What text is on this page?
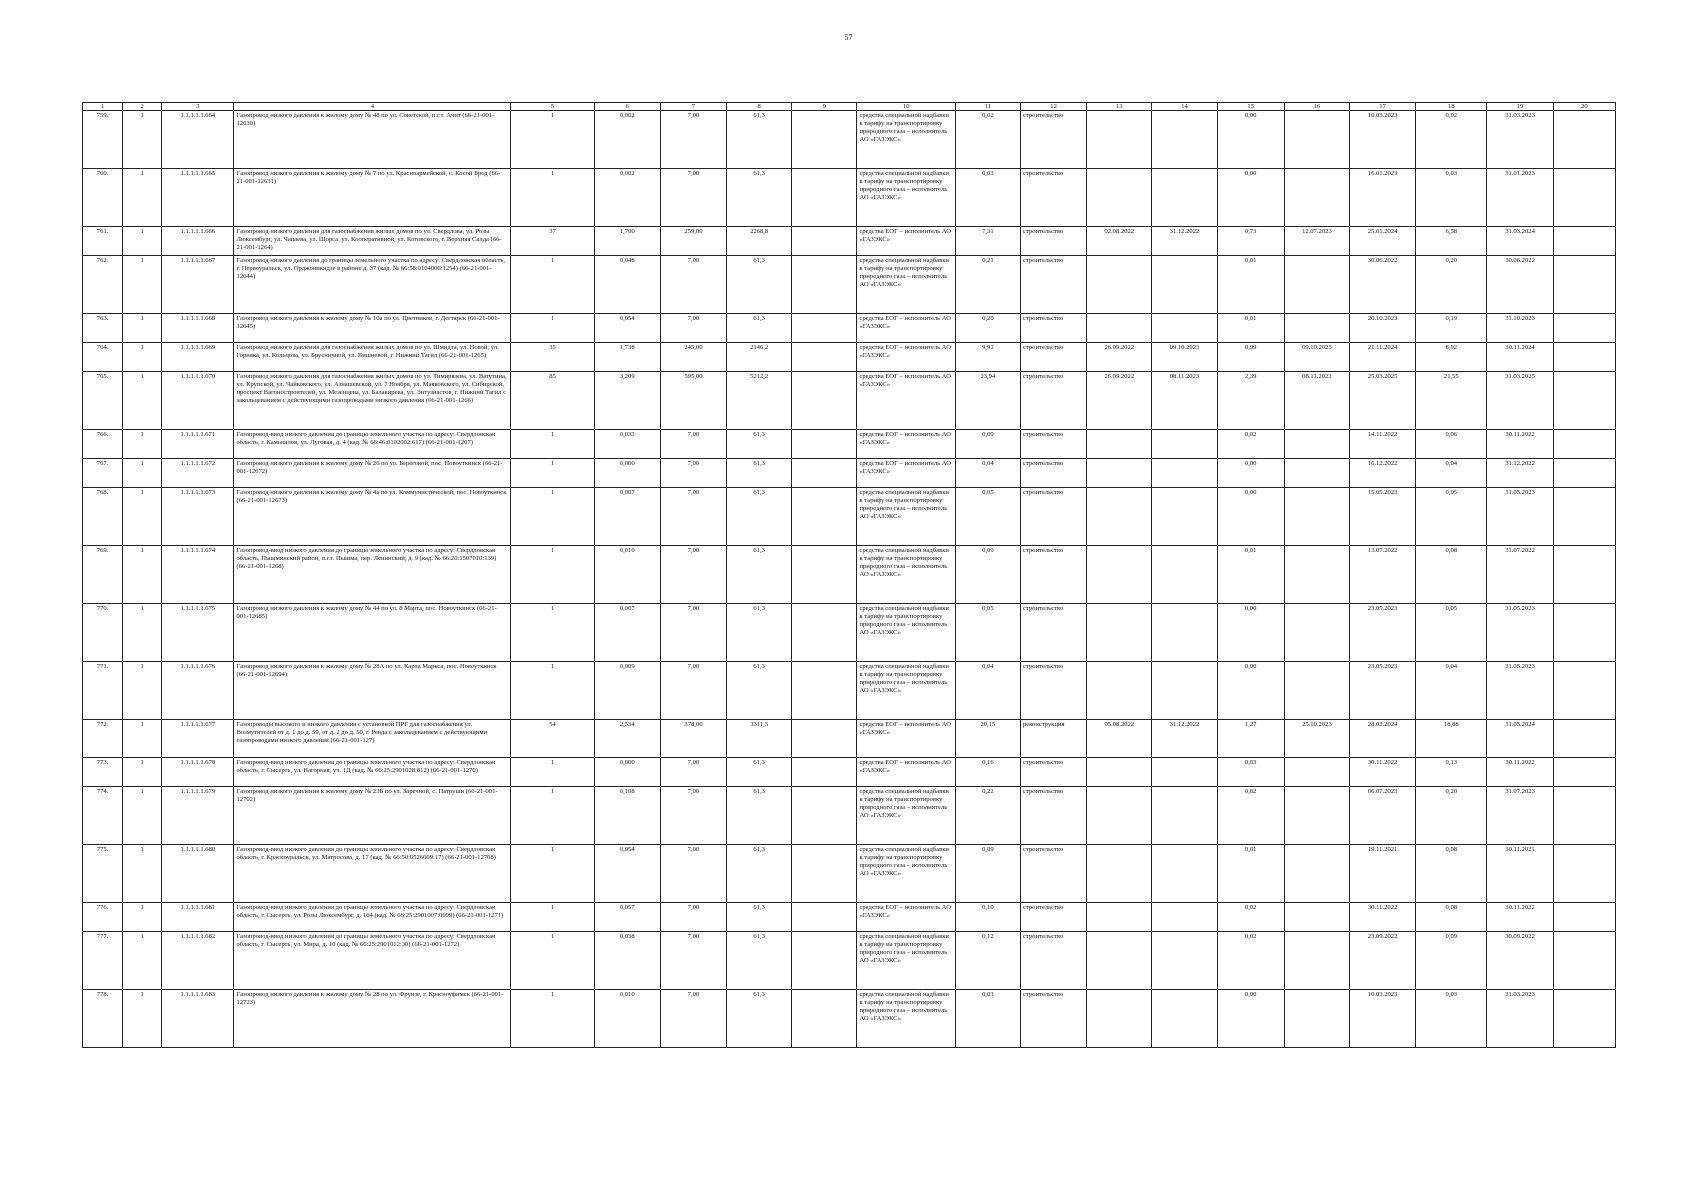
57
1	2	3	4	5	6	7	8	9	10	11	12	13	14	15	16	17	18	19	20
759.	1	1.1.1.1.1.664	Газопровод низкого давления к жилому дому № 48 по ул. Советской, п.г.т. Ачит (66-21-001-12630)	1	0,002	7,00	61,3		средства специальной надбавки к тарифу на транспортировку природного газа – исполнитель АО «ГАЗЭКС»	0,02	строительство			0,00		10.03.2023	0,02	31.03.2023	
760.	1	1.1.1.1.1.665	Газопровод низкого давления к жилому дому № 7 по ул. Красноармейской, с. Косой Брод (66-21-001-12631)	1	0,002	7,00	61,3		средства специальной надбавки к тарифу на транспортировку природного газа – исполнитель АО «ГАЗЭКС»	0,03	строительство			0,00		16.01.2023	0,03	31.01.2023	
761.	1	1.1.1.1.1.666	Газопровод низкого давления для газоснабжения жилых домов по ул. Свердлова, ул. Розы Люксембург, ул. Чапаева, ул. Щорса, ул. Кооперативной, ул. Котовского, г. Верхняя Салда (66-21-001-1264)	37	1,700	259,00	2268,8		средства ЕОГ – исполнитель АО «ГАЗЭКС»	7,31	строительство	02.08.2022	31.12.2022	0,73	12.07.2023	25.01.2024	6,58	31.03.2024	
762.	1	1.1.1.1.1.667	Газопровод низкого давления до границы земельного участка по адресу: Свердловская область, г. Первоуральск, ул. Орджоникидзе в районе д. 37 (кад. № 66:58:0104006:1254) (66-21-001-12644)	1	0,048	7,00	61,3		средства специальной надбавки к тарифу на транспортировку природного газа – исполнитель АО «ГАЗЭКС»	0,21	строительство			0,01		30.06.2022	0,20	30.06.2022	
763.	1	1.1.1.1.1.668	Газопровод низкого давления к жилому дому № 10а по ул. Цветников, г. Дегтярск (66-21-001-12645)	1	0,054	7,00	61,3		средства ЕОГ – исполнитель АО «ГАЗЭКС»	0,20	строительство			0,01		26.10.2023	0,19	31.10.2023	
764.	1	1.1.1.1.1.669	Газопровод низкого давления для газоснабжения жилых домов по ул. Шмидта, ул. Новой, ул. Горняка, ул. Кольцова, ул. Брусничной, ул. Вишневой, г. Нижний Тагил (66-21-001-1265)	35	1,738	245,00	2146,2		средства ЕОГ – исполнитель АО «ГАЗЭКС»	9,91	строительство	26.09.2022	09.10.2023	0,99	09.10.2023	21.11.2024	8,92	30.11.2024	
765.	1	1.1.1.1.1.670	Газопровод низкого давления для газоснабжения жилых домов по ул. Тимирязева, ул. Ватутина, ул. Крупской, ул. Чайковского, ул. Азнашевской, ул. 7 Ноября, ул. Маяковского, ул. Сибирской, проспект Вагоностроителей, ул. Мезенцева, ул. Балакирева, ул. Энтузиастов, г. Нижний Тагил с закольцеванием с действующими газопроводами низкого давления (66-21-001-1266)	85	3,209	595,00	5212,2		средства ЕОГ – исполнитель АО «ГАЗЭКС»	23,94	строительство	26.09.2022	08.11.2023	2,39	08.11.2023	25.03.2025	21,55	31.03.2025	
766.	1	1.1.1.1.1.671	Газопровод-ввод низкого давления до границы земельного участка по адресу: Свердловская область, г. Камышлов, ул. Луговая, д. 4 (кад. № 66:46:0102002:617) (66-21-001-1267)	1	0,033	7,00	61,3		средства ЕОГ – исполнитель АО «ГАЗЭКС»	0,09	строительство			0,02		14.11.2022	0,06	30.11.2022	
767.	1	1.1.1.1.1.672	Газопровод низкого давления к жилому дому № 26 по ул. Береговой, пос. Новоуткинск (66-21-001-12672)	1	0,000	7,00	61,3		средства ЕОГ – исполнитель АО «ГАЗЭКС»	0,04	строительство			0,00		16.12.2022	0,04	31.12.2022	
768.	1	1.1.1.1.1.673	Газопровод низкого давления к жилому дому № 4а по ул. Коммунистической, пос. Новоуткинск (66-21-001-12673)	1	0,007	7,00	61,3		средства специальной надбавки к тарифу на транспортировку природного газа – исполнитель АО «ГАЗЭКС»	0,05	строительство			0,00		15.05.2023	0,05	31.05.2023	
769.	1	1.1.1.1.1.674	Газопровод-ввод низкого давления до границы земельного участка по адресу: Свердловская область, Пышминский район, п.г.т. Пышма, пер. Ленинский, д. 9 (кад. № 66:20:1507010:139) (66-21-001-1268)	1	0,010	7,00	61,3		средства специальной надбавки к тарифу на транспортировку природного газа – исполнитель АО «ГАЗЭКС»	0,09	строительство			0,01		13.07.2022	0,08	31.07.2022	
770.	1	1.1.1.1.1.675	Газопровод низкого давления к жилому дому № 44 по ул. 8 Марта, пос. Новоуткинск (66-21-001-12685)	1	0,007	7,00	61,3		средства специальной надбавки к тарифу на транспортировку природного газа – исполнитель АО «ГАЗЭКС»	0,05	строительство			0,00		23.05.2023	0,05	31.05.2023	
771.	1	1.1.1.1.1.676	Газопровод низкого давления к жилому дому № 28А по ул. Карла Маркса, пос. Новоуткинск (66-21-001-12694)	1	0,009	7,00	61,3		средства специальной надбавки к тарифу на транспортировку природного газа – исполнитель АО «ГАЗЭКС»	0,04	строительство			0,00		23.05.2023	0,04	31.05.2023	
772.	1	1.1.1.1.1.677	Газопроводы высокого и низкого давления с установкой ПРГ для газоснабжения ул. Возмутителей от д. 1 до д. 59, от д. 2 до д. 50, г. Ревда с закольцеванием с действующими газопроводами низкого давления (66-21-001-127)	54	2,534	378,00	3311,3		средства ЕОГ – исполнитель АО «ГАЗЭКС»	20,15	реконструкция	05.08.2022	31.12.2022	1,27	25.10.2023	28.03.2024	18,88	31.05.2024	
773.	1	1.1.1.1.1.678	Газопровод-ввод низкого давления до границы земельного участка по адресу: Свердловская область, г. Сысерть, ул. Нагорная, уч. 1Д (кад. № 66:25:2901028:812) (66-21-001-1270)	1	0,000	7,00	61,3		средства ЕОГ – исполнитель АО «ГАЗЭКС»	0,16	строительство			0,03		30.11.2022	0,13	30.11.2022	
774.	1	1.1.1.1.1.679	Газопровод низкого давления к жилому дому № 23Б по ул. Заречной, с. Патруши (66-21-001-12702)	1	0,108	7,00	61,3		средства специальной надбавки к тарифу на транспортировку природного газа – исполнитель АО «ГАЗЭКС»	0,22	строительство			0,02		06.07.2023	0,20	31.07.2023	
775.	1	1.1.1.1.1.680	Газопровод-ввод низкого давления до границы земельного участка по адресу: Свердловская область, г. Красноуральск, ул. Матросова, д. 17 (кад. № 66:50:0526009:17) (66-21-001-12708)	1	0,054	7,00	61,3		средства специальной надбавки к тарифу на транспортировку природного газа – исполнитель АО «ГАЗЭКС»	0,09	строительство			0,01		19.11.2021	0,08	30.11.2021	
776.	1	1.1.1.1.1.681	Газопровод-ввод низкого давления до границы земельного участка по адресу: Свердловская область, г. Сысерть, ул. Розы Люксембург, д. 164 (кад. № 66:25:2901007:0099) (66-21-001-1271)	1	0,057	7,00	61,3		средства ЕОГ – исполнитель АО «ГАЗЭКС»	0,10	строительство			0,02		30.11.2022	0,08	30.11.2022	
777.	1	1.1.1.1.1.682	Газопровод-ввод низкого давления до границы земельного участка по адресу: Свердловская область, г. Сысерть, ул. Мира, д. 10 (кад. № 66:25:2901012:30) (66-21-001-1272)	1	0,038	7,00	61,3		средства специальной надбавки к тарифу на транспортировку природного газа – исполнитель АО «ГАЗЭКС»	0,12	строительство			0,02		23.09.2022	0,09	30.09.2022	
778.	1	1.1.1.1.1.683	Газопровод низкого давления к жилому дому № 28 по ул. Фрунзе, г. Красноуфимск (66-21-001-12723)	1	0,010	7,00	61,3		средства специальной надбавки к тарифу на транспортировку природного газа – исполнитель АО «ГАЗЭКС»	0,03	строительство			0,00		10.03.2023	0,03	31.03.2023	
